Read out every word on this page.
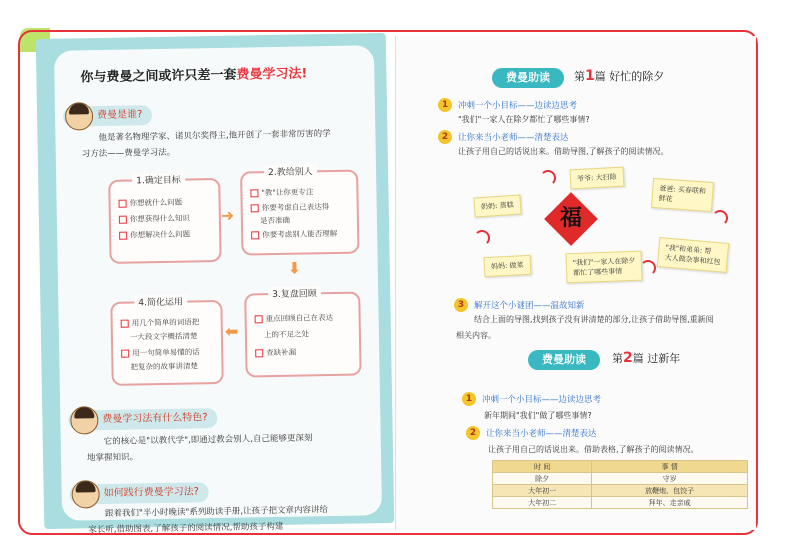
你与费曼之间或许只差一套费曼学习法!
费曼是谁?
他是著名物理学家、诺贝尔奖得主,他开创了一套非常厉害的学
习方法——费曼学习法。
1.确定目标
你想就什么问题
你想获得什么知识
你想解决什么问题
➜
2.教给别人
"教"让你更专注
你要考虑自己表达得
是否准确
你要考虑别人能否理解
⬇
3.复盘回顾
重点回顾自己在表达
上的不足之处
查缺补漏
⬅
4.简化运用
用几个简单的词语把
一大段文字概括清楚
用一句简单易懂的话
把复杂的故事讲清楚
费曼学习法有什么特色?
它的核心是"以教代学",即通过教会别人,自己能够更深刻
地掌握知识。
如何践行费曼学习法?
跟着我们"半小时晚读"系列助读手册,让孩子把文章内容讲给
家长听,借助图表,了解孩子的阅读情况,帮助孩子构建
费曼助读	第1篇 好忙的除夕
1	冲刺一个小目标——边读边思考
"我们"一家人在除夕都忙了哪些事情?
2	让你来当小老师——清楚表达
让孩子用自己的话说出来。借助导图,了解孩子的阅读情况。
爷爷: 大扫除
奶奶: 蒸糕
爸爸: 买春联和
鲜花
妈妈: 做菜	"我们"一家人在除夕
都忙了哪些事情
"我"和弟弟: 帮
大人做杂事和红包
福
3	解开这个小谜团——温故知新
结合上面的导图,找到孩子没有讲清楚的部分,让孩子借助导图,重新阅
相关内容。
费曼助读	第2篇 过新年
1	冲刺一个小目标——边读边思考
新年期间"我们"做了哪些事情?
2	让你来当小老师——清楚表达
让孩子用自己的话说出来。借助表格,了解孩子的阅读情况。
时 间	事 情
除夕	守岁
大年初一	放鞭炮、包饺子
大年初二	拜年、走亲戚
